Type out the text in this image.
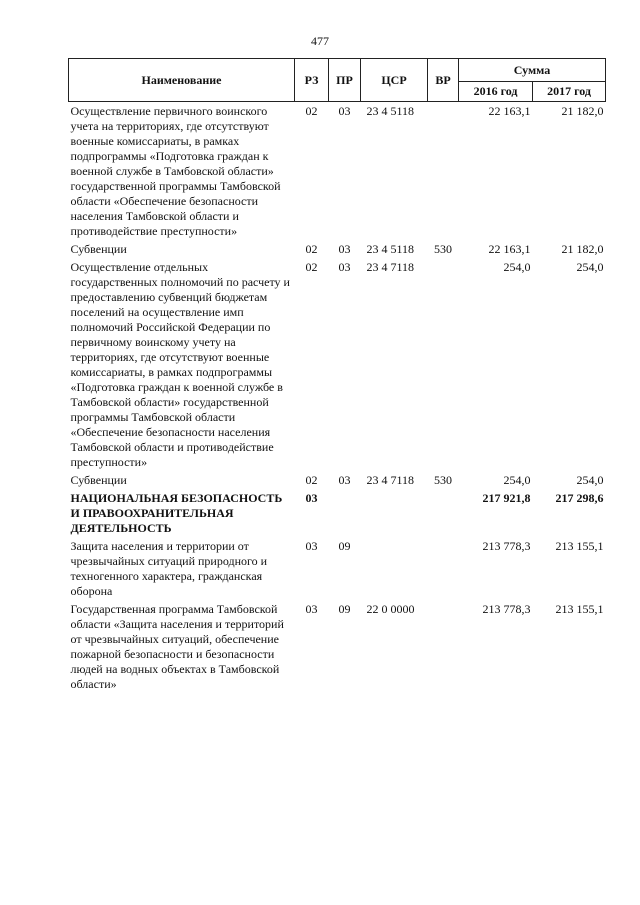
477
Наименование	РЗ	ПР	ЦСР	ВР	Сумма	
					2016 год	2017 год
Осуществление первичного воинского учета на территориях, где отсутствуют военные комиссариаты, в рамках подпрограммы «Подготовка граждан к военной службе в Тамбовской области» государственной программы Тамбовской области «Обеспечение безопасности населения Тамбовской области и противодействие преступности»	02	03	23 4 5118		22 163,1	21 182,0
Субвенции	02	03	23 4 5118	530	22 163,1	21 182,0
Осуществление отдельных государственных полномочий по расчету и предоставлению субвенций бюджетам поселений на осуществление имп полномочий Российской Федерации по первичному воинскому учету на территориях, где отсутствуют военные комиссариаты, в рамках подпрограммы «Подготовка граждан к военной службе в Тамбовской области» государственной программы Тамбовской области «Обеспечение безопасности населения Тамбовской области и противодействие преступности»	02	03	23 4 7118		254,0	254,0
Субвенции	02	03	23 4 7118	530	254,0	254,0
НАЦИОНАЛЬНАЯ БЕЗОПАСНОСТЬ И ПРАВООХРАНИТЕЛЬНАЯ ДЕЯТЕЛЬНОСТЬ	03				217 921,8	217 298,6
Защита населения и территории от чрезвычайных ситуаций природного и техногенного характера, гражданская оборона	03	09			213 778,3	213 155,1
Государственная программа Тамбовской области «Защита населения и территорий от чрезвычайных ситуаций, обеспечение пожарной безопасности и безопасности людей на водных объектах в Тамбовской области»	03	09	22 0 0000		213 778,3	213 155,1
